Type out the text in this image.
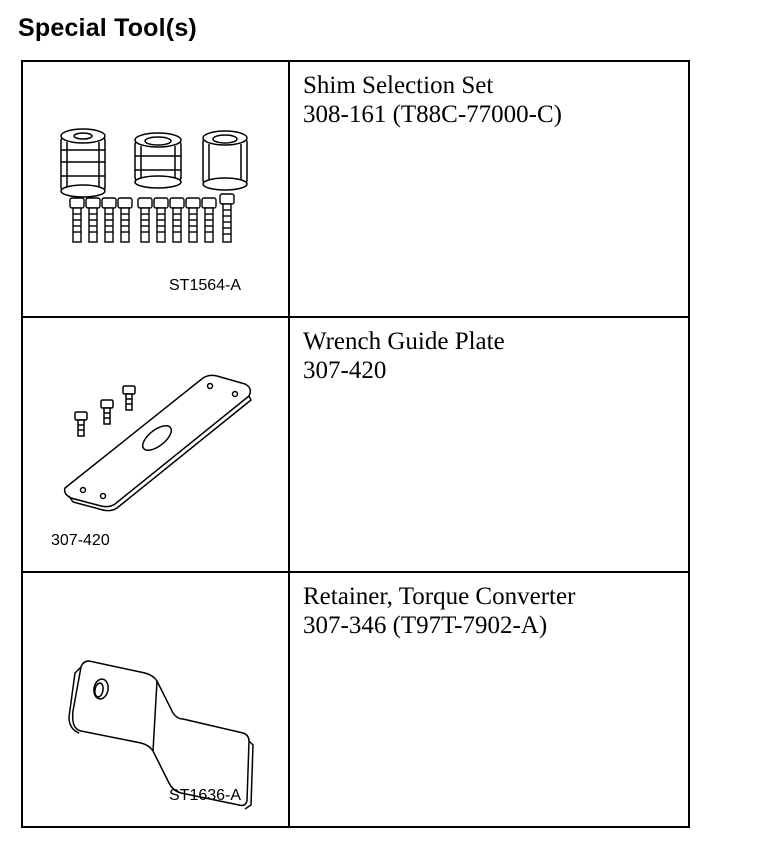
Special Tool(s)
ST1564-A
Shim Selection Set
308-161 (T88C-77000-C)
307-420
Wrench Guide Plate
307-420
ST1636-A
Retainer, Torque Converter
307-346 (T97T-7902-A)
